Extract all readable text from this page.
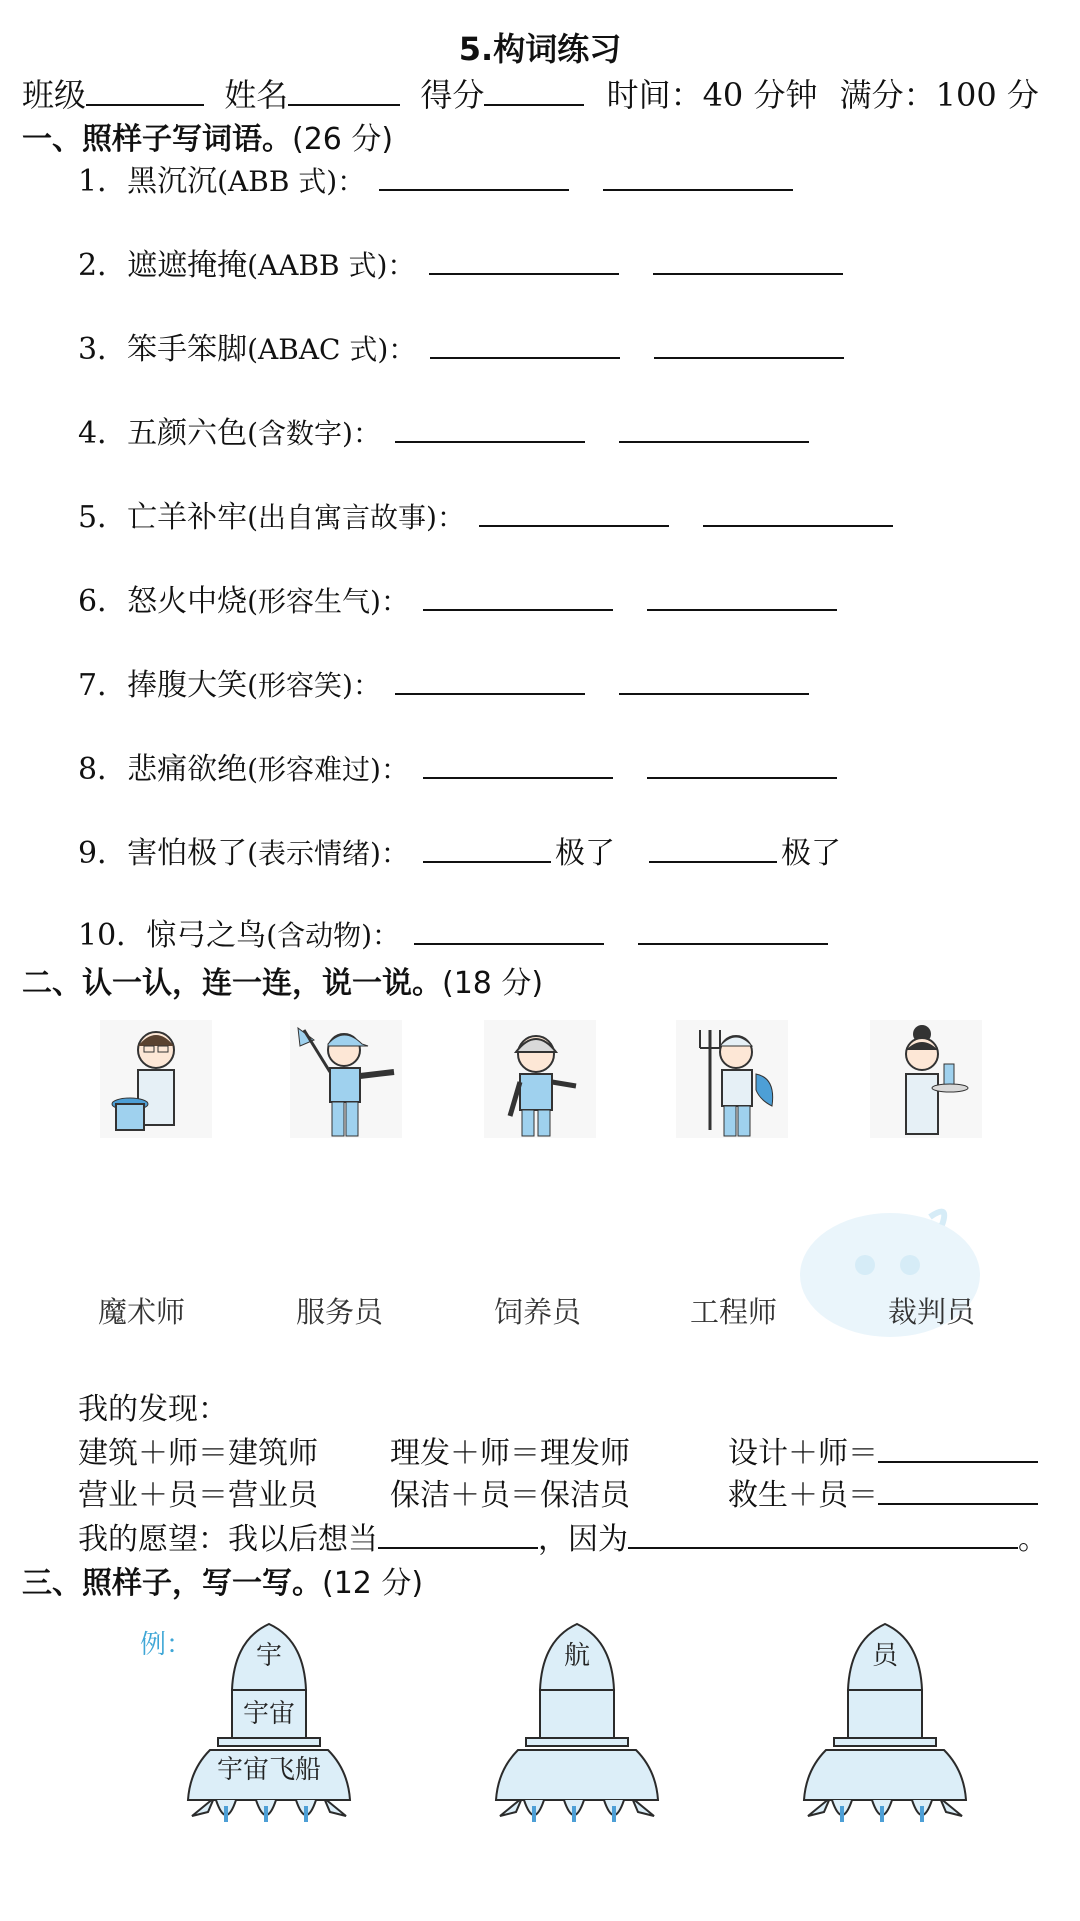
5.构词练习
班级	姓名	得分	时间：40 分钟 满分：100 分
一、照样子写词语。(26 分)
1．黑沉沉(ABB 式)：
2．遮遮掩掩(AABB 式)：
3．笨手笨脚(ABAC 式)：
4．五颜六色(含数字)：
5．亡羊补牢(出自寓言故事)：
6．怒火中烧(形容生气)：
7．捧腹大笑(形容笑)：
8．悲痛欲绝(形容难过)：
9．害怕极了(表示情绪)：	极了	极了
10．惊弓之鸟(含动物)：
二、认一认，连一连，说一说。(18 分)
魔术师	服务员	饲养员	工程师	裁判员
我的发现：
建筑＋师＝建筑师 理发＋师＝理发师	设计＋师＝
营业＋员＝营业员 保洁＋员＝保洁员	救生＋员＝
我的愿望：我以后想当	，因为	。
三、照样子，写一写。(12 分)
例： 宇
宇宙
宇宙飞船
航	员
